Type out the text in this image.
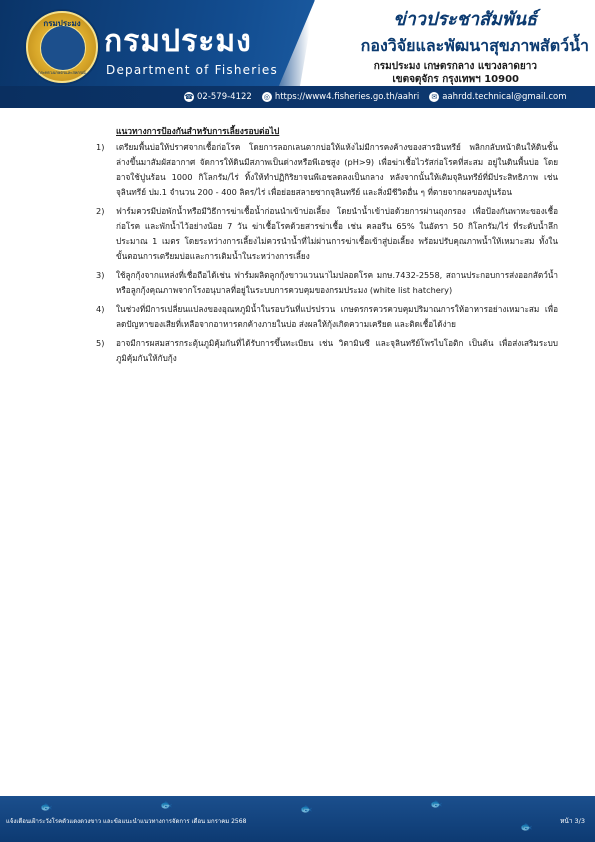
กรมประมง
กระทรวงเกษตรและสหกรณ์
กรมประมง
Department of Fisheries
ข่าวประชาสัมพันธ์
กองวิจัยและพัฒนาสุขภาพสัตว์น้ำ
กรมประมง เกษตรกลาง แขวงลาดยาว
เขตจตุจักร กรุงเทพฯ 10900
☎ 02-579-4122 ◎ https://www4.fisheries.go.th/aahri ✉ aahrdd.technical@gmail.com
แนวทางการป้องกันสำหรับการเลี้ยงรอบต่อไป
1)	เตรียมพื้นบ่อให้ปราศจากเชื้อก่อโรค โดยการลอกเลนตากบ่อให้แห้งไม่มีการคงค้างของสารอินทรีย์ พลิกกลับหน้าดินให้ดินชั้นล่างขึ้นมาสัมผัสอากาศ จัดการให้ดินมีสภาพเป็นด่างหรือพีเอชสูง (pH>9) เพื่อฆ่าเชื้อไวรัสก่อโรคที่สะสม อยู่ในดินพื้นบ่อ โดยอาจใช้ปูนร้อน 1000 กิโลกรัม/ไร่ ทิ้งให้ทำปฏิกิริยาจนพีเอชลดลงเป็นกลาง หลังจากนั้นให้เติมจุลินทรีย์ที่มีประสิทธิภาพ เช่น จุลินทรีย์ ปม.1 จำนวน 200 - 400 ลิตร/ไร่ เพื่อย่อยสลายซากจุลินทรีย์ และสิ่งมีชีวิตอื่น ๆ ที่ตายจากผลของปูนร้อน
2)	ฟาร์มควรมีบ่อพักน้ำหรือมีวิธีการฆ่าเชื้อน้ำก่อนนำเข้าบ่อเลี้ยง โดยนำน้ำเข้าบ่อด้วยการผ่านถุงกรอง เพื่อป้องกันพาหะของเชื้อก่อโรค และพักน้ำไว้อย่างน้อย 7 วัน ฆ่าเชื้อโรคด้วยสารฆ่าเชื้อ เช่น คลอรีน 65% ในอัตรา 50 กิโลกรัม/ไร่ ที่ระดับน้ำลึกประมาณ 1 เมตร โดยระหว่างการเลี้ยงไม่ควรนำน้ำที่ไม่ผ่านการฆ่าเชื้อเข้าสู่บ่อเลี้ยง พร้อมปรับคุณภาพน้ำให้เหมาะสม ทั้งในขั้นตอนการเตรียมบ่อและการเติมน้ำในระหว่างการเลี้ยง
3)	ใช้ลูกกุ้งจากแหล่งที่เชื่อถือได้เช่น ฟาร์มผลิตลูกกุ้งขาวแวนนาไมปลอดโรค มกษ.7432-2558, สถานประกอบการส่งออกสัตว์น้ำ หรือลูกกุ้งคุณภาพจากโรงอนุบาลที่อยู่ในระบบการควบคุมของกรมประมง (white list hatchery)
4)	ในช่วงที่มีการเปลี่ยนแปลงของอุณหภูมิน้ำในรอบวันที่แปรปรวน เกษตรกรควรควบคุมปริมาณการให้อาหารอย่างเหมาะสม เพื่อลดปัญหาของเสียที่เหลือจากอาหารตกค้างภายในบ่อ ส่งผลให้กุ้งเกิดความเครียด และติดเชื้อได้ง่าย
5)	อาจมีการผสมสารกระตุ้นภูมิคุ้มกันที่ได้รับการขึ้นทะเบียน เช่น วิตามินซี และจุลินทรีย์โพรไบโอติก เป็นต้น เพื่อส่งเสริมระบบภูมิคุ้มกันให้กับกุ้ง
🐟	🐟	🐟	🐟
🐟
แจ้งเตือนเฝ้าระวังโรคตัวแดงดวงขาว และข้อแนะนำแนวทางการจัดการ เดือน มกราคม 2568	หน้า 3/3
